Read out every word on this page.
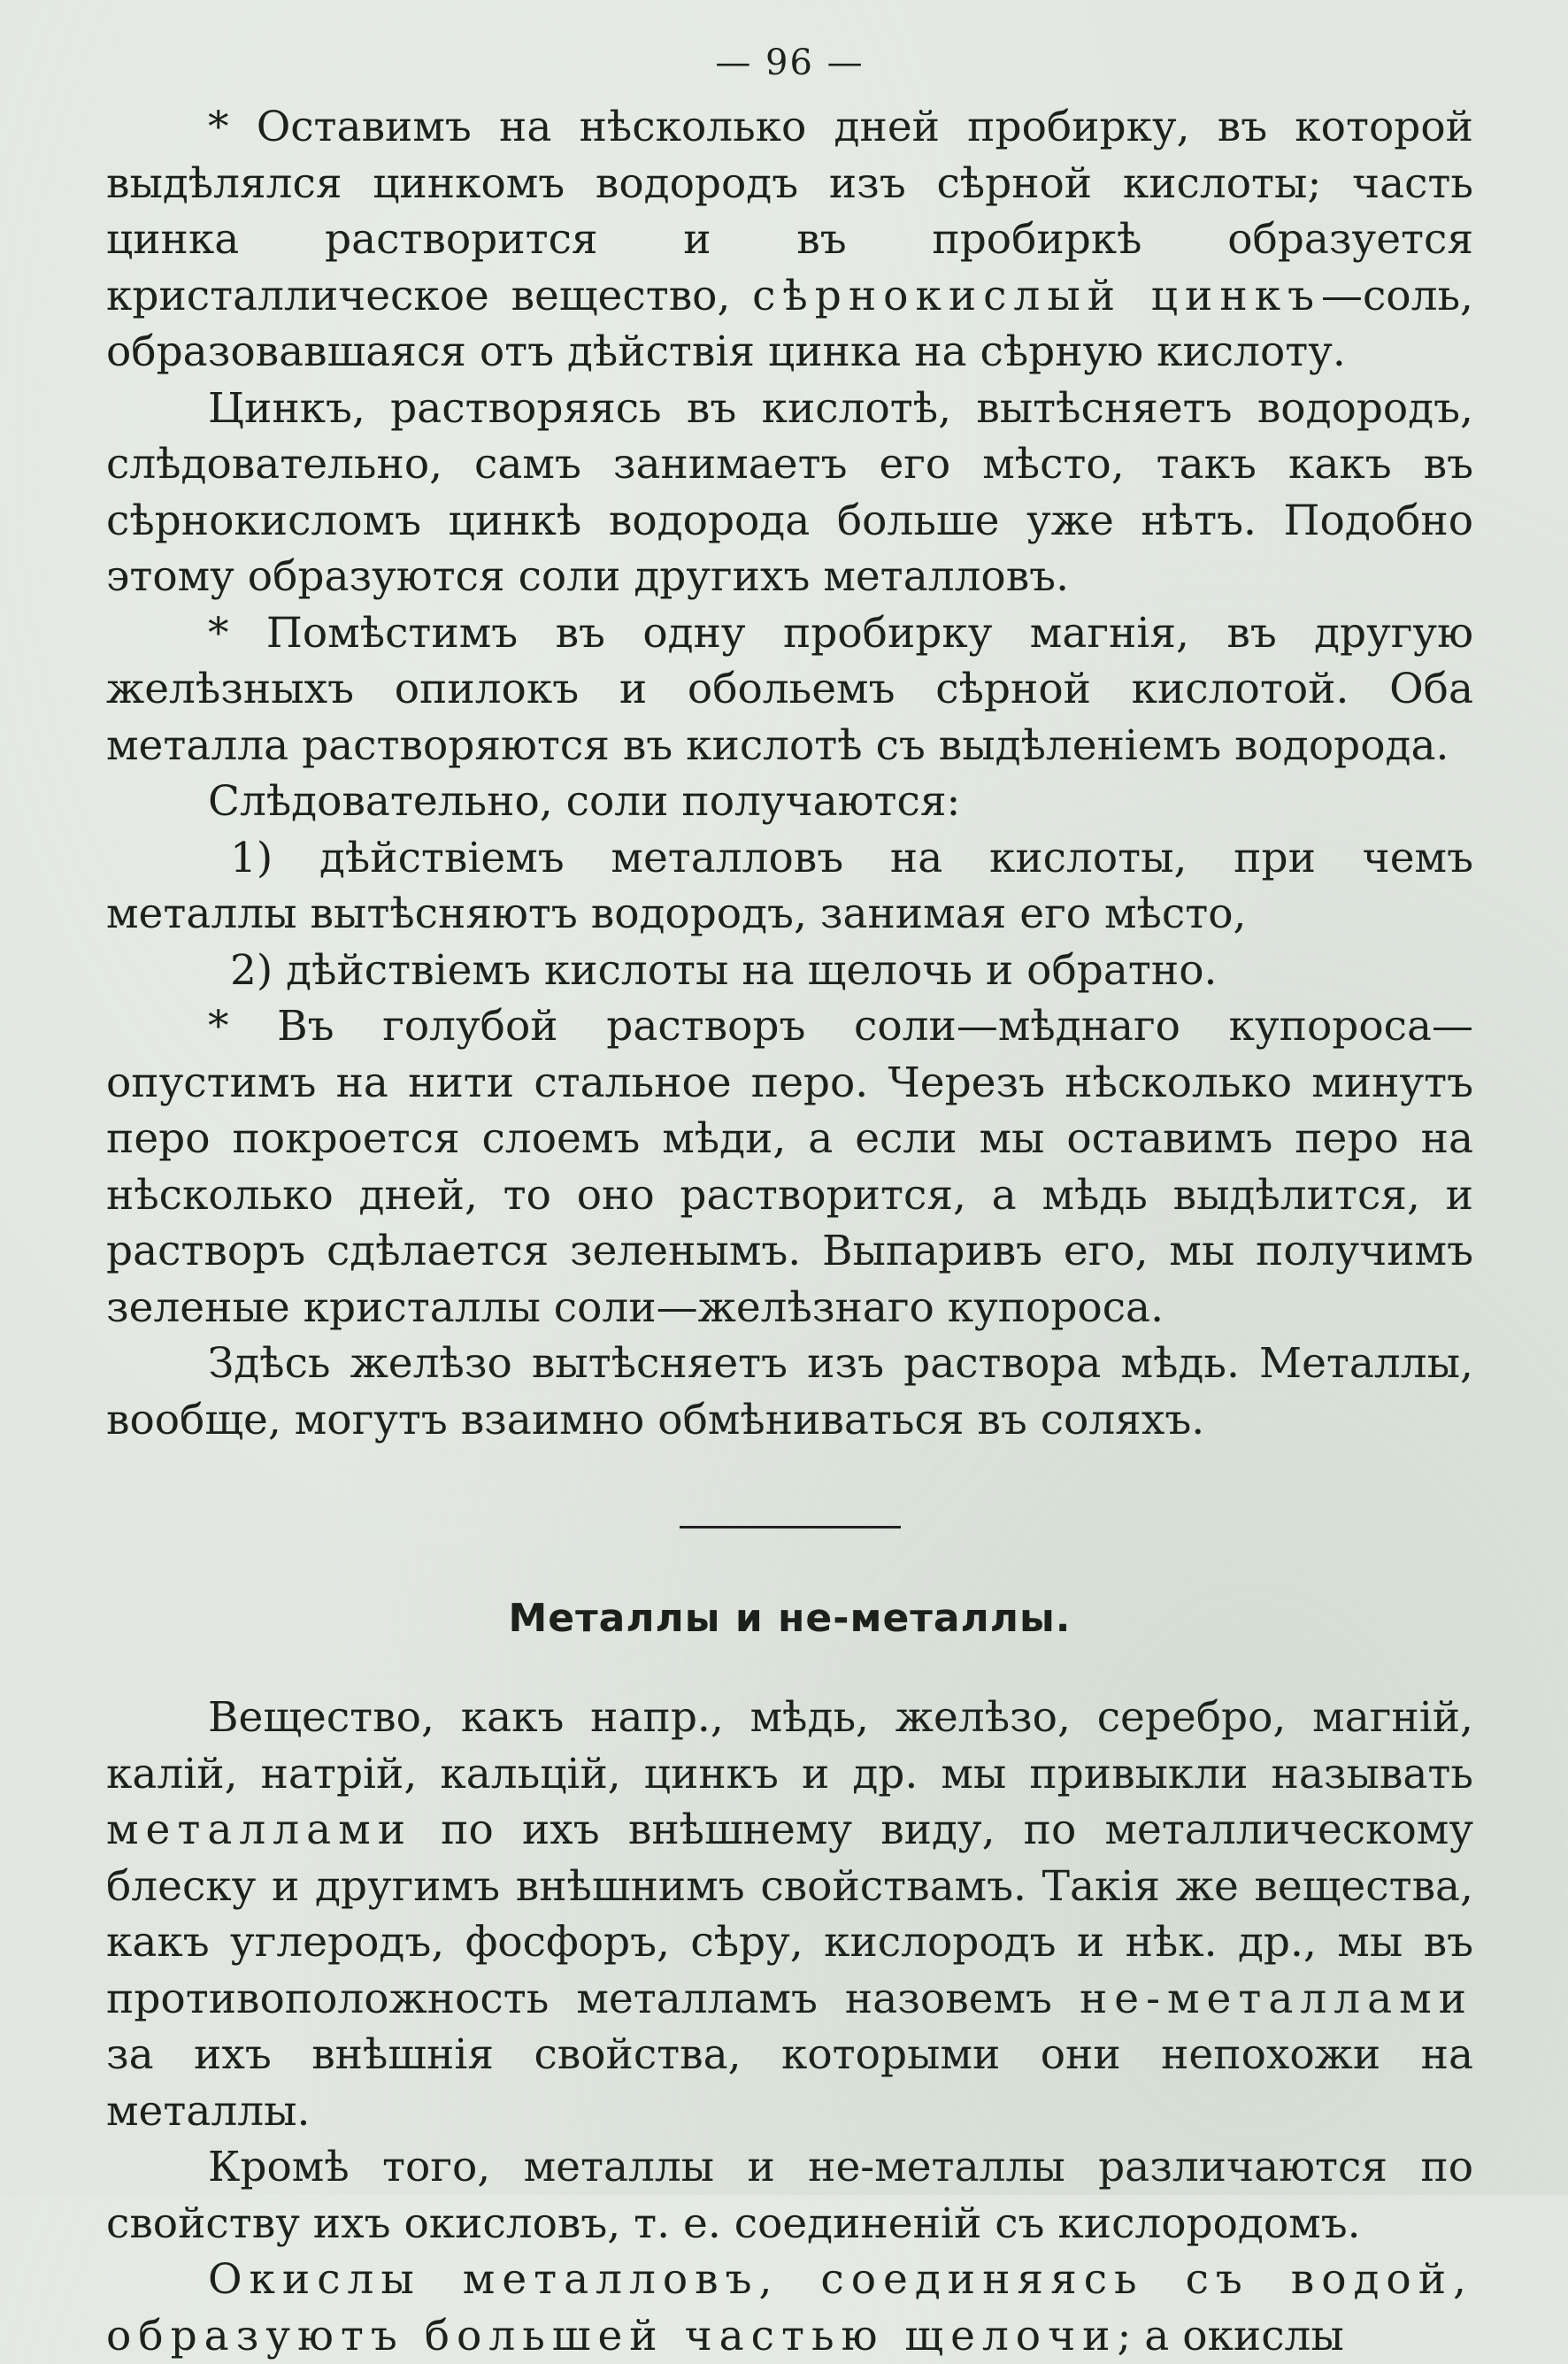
— 96 —

* Оставимъ на нѣсколько дней пробирку, въ которой выдѣлялся цинкомъ водородъ изъ сѣрной кислоты; часть цинка растворится и въ пробиркѣ образуется кристаллическое вещество, сѣрнокислый цинкъ—соль, образовавшаяся отъ дѣйствія цинка на сѣрную кислоту.

Цинкъ, растворяясь въ кислотѣ, вытѣсняетъ водородъ, слѣдовательно, самъ занимаетъ его мѣсто, такъ какъ въ сѣрнокисломъ цинкѣ водорода больше уже нѣтъ. Подобно этому образуются соли другихъ металловъ.

* Помѣстимъ въ одну пробирку магнія, въ другую желѣзныхъ опилокъ и обольемъ сѣрной кислотой. Оба металла растворяются въ кислотѣ съ выдѣленіемъ водорода.

Слѣдовательно, соли получаются:

1) дѣйствіемъ металловъ на кислоты, при чемъ металлы вытѣсняютъ водородъ, занимая его мѣсто,

2) дѣйствіемъ кислоты на щелочь и обратно.

* Въ голубой растворъ соли—мѣднаго купороса—опустимъ на нити стальное перо. Черезъ нѣсколько минутъ перо покроется слоемъ мѣди, а если мы оставимъ перо на нѣсколько дней, то оно растворится, а мѣдь выдѣлится, и растворъ сдѣлается зеленымъ. Выпаривъ его, мы получимъ зеленые кристаллы соли—желѣзнаго купороса.

Здѣсь желѣзо вытѣсняетъ изъ раствора мѣдь. Металлы, вообще, могутъ взаимно обмѣниваться въ соляхъ.

Металлы и не-металлы.

Вещество, какъ напр., мѣдь, желѣзо, серебро, магній, калій, натрій, кальцій, цинкъ и др. мы привыкли называть металлами по ихъ внѣшнему виду, по металлическому блеску и другимъ внѣшнимъ свойствамъ. Такія же вещества, какъ углеродъ, фосфоръ, сѣру, кислородъ и нѣк. др., мы въ противоположность металламъ назовемъ не-металлами за ихъ внѣшнія свойства, которыми они непохожи на металлы.

Кромѣ того, металлы и не-металлы различаются по свойству ихъ окисловъ, т. е. соединеній съ кислородомъ.

Окислы металловъ, соединяясь съ водой, образуютъ большей частью щелочи; а окислы
